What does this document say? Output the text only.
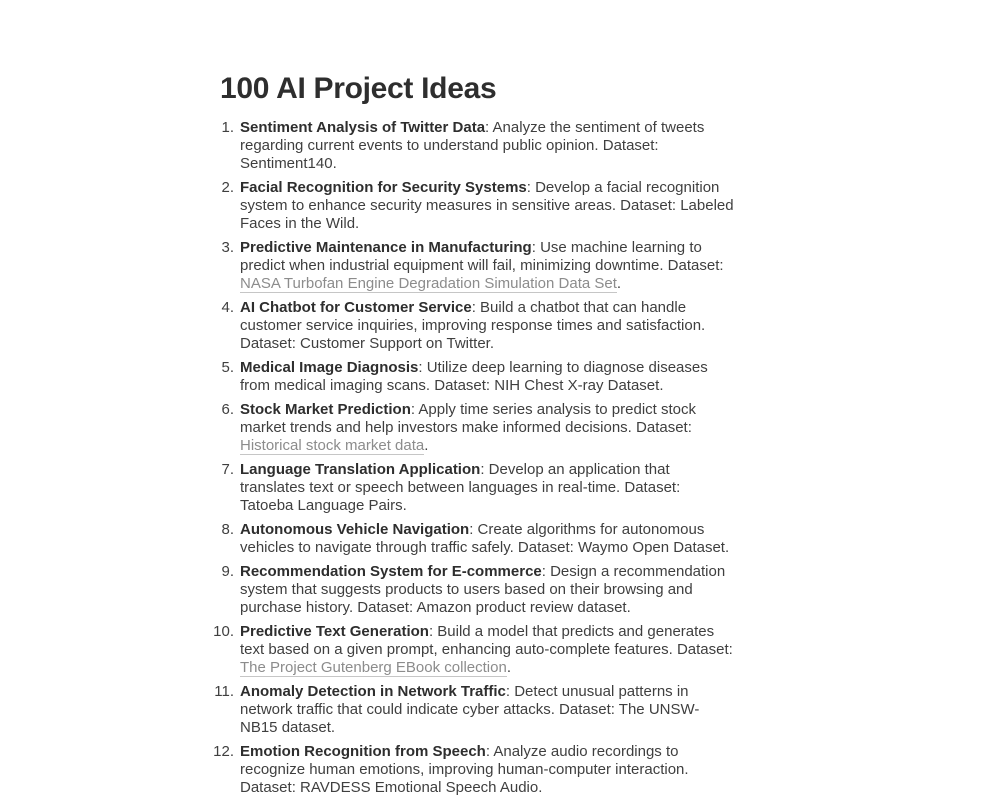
100 AI Project Ideas
1. Sentiment Analysis of Twitter Data: Analyze the sentiment of tweets regarding current events to understand public opinion. Dataset: Sentiment140.
2. Facial Recognition for Security Systems: Develop a facial recognition system to enhance security measures in sensitive areas. Dataset: Labeled Faces in the Wild.
3. Predictive Maintenance in Manufacturing: Use machine learning to predict when industrial equipment will fail, minimizing downtime. Dataset: NASA Turbofan Engine Degradation Simulation Data Set.
4. AI Chatbot for Customer Service: Build a chatbot that can handle customer service inquiries, improving response times and satisfaction. Dataset: Customer Support on Twitter.
5. Medical Image Diagnosis: Utilize deep learning to diagnose diseases from medical imaging scans. Dataset: NIH Chest X-ray Dataset.
6. Stock Market Prediction: Apply time series analysis to predict stock market trends and help investors make informed decisions. Dataset: Historical stock market data.
7. Language Translation Application: Develop an application that translates text or speech between languages in real-time. Dataset: Tatoeba Language Pairs.
8. Autonomous Vehicle Navigation: Create algorithms for autonomous vehicles to navigate through traffic safely. Dataset: Waymo Open Dataset.
9. Recommendation System for E-commerce: Design a recommendation system that suggests products to users based on their browsing and purchase history. Dataset: Amazon product review dataset.
10. Predictive Text Generation: Build a model that predicts and generates text based on a given prompt, enhancing auto-complete features. Dataset: The Project Gutenberg EBook collection.
11. Anomaly Detection in Network Traffic: Detect unusual patterns in network traffic that could indicate cyber attacks. Dataset: The UNSW-NB15 dataset.
12. Emotion Recognition from Speech: Analyze audio recordings to recognize human emotions, improving human-computer interaction. Dataset: RAVDESS Emotional Speech Audio.
